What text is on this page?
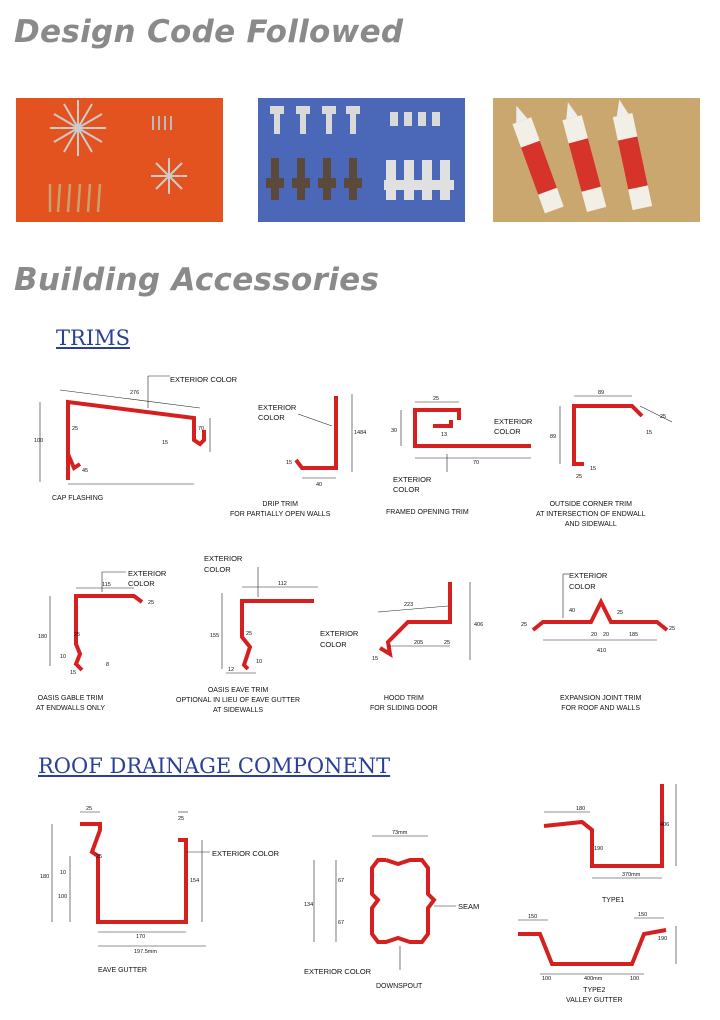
Design Code Followed
Building Accessories
TRIMS
EXTERIOR COLOR
276
100
25	70
15
45
CAP FLASHING
EXTERIOR
COLOR
1484
15
40
DRIP TRIM
FOR PARTIALLY OPEN WALLS
25
30
13
70
EXTERIOR
COLOR
FRAMED OPENING TRIM
EXTERIOR
COLOR
89
89
25
15
25
15
OUTSIDE CORNER TRIM
AT INTERSECTION OF ENDWALL
AND SIDEWALL
EXTERIOR
COLOR
115
25
180	25
10
15
8
OASIS GABLE TRIM
AT ENDWALLS ONLY
EXTERIOR
COLOR
112
155	25
12
10
OASIS EAVE TRIM
OPTIONAL IN LIEU OF EAVE GUTTER
AT SIDEWALLS
EXTERIOR
COLOR
223
205	25
406
15
HOOD TRIM
FOR SLIDING DOOR
EXTERIOR
COLOR
40	25
20 20	185
410
25
25
EXPANSION JOINT TRIM
FOR ROOF AND WALLS
ROOF DRAINAGE COMPONENT
EXTERIOR COLOR
25
25
180
10
100
25
154
170
197.5mm
EAVE GUTTER
73mm
134
67
67
SEAM
EXTERIOR COLOR
DOWNSPOUT
180
190
406
370mm
TYPE1
150	150
190
100	400mm	100
TYPE2
VALLEY GUTTER
